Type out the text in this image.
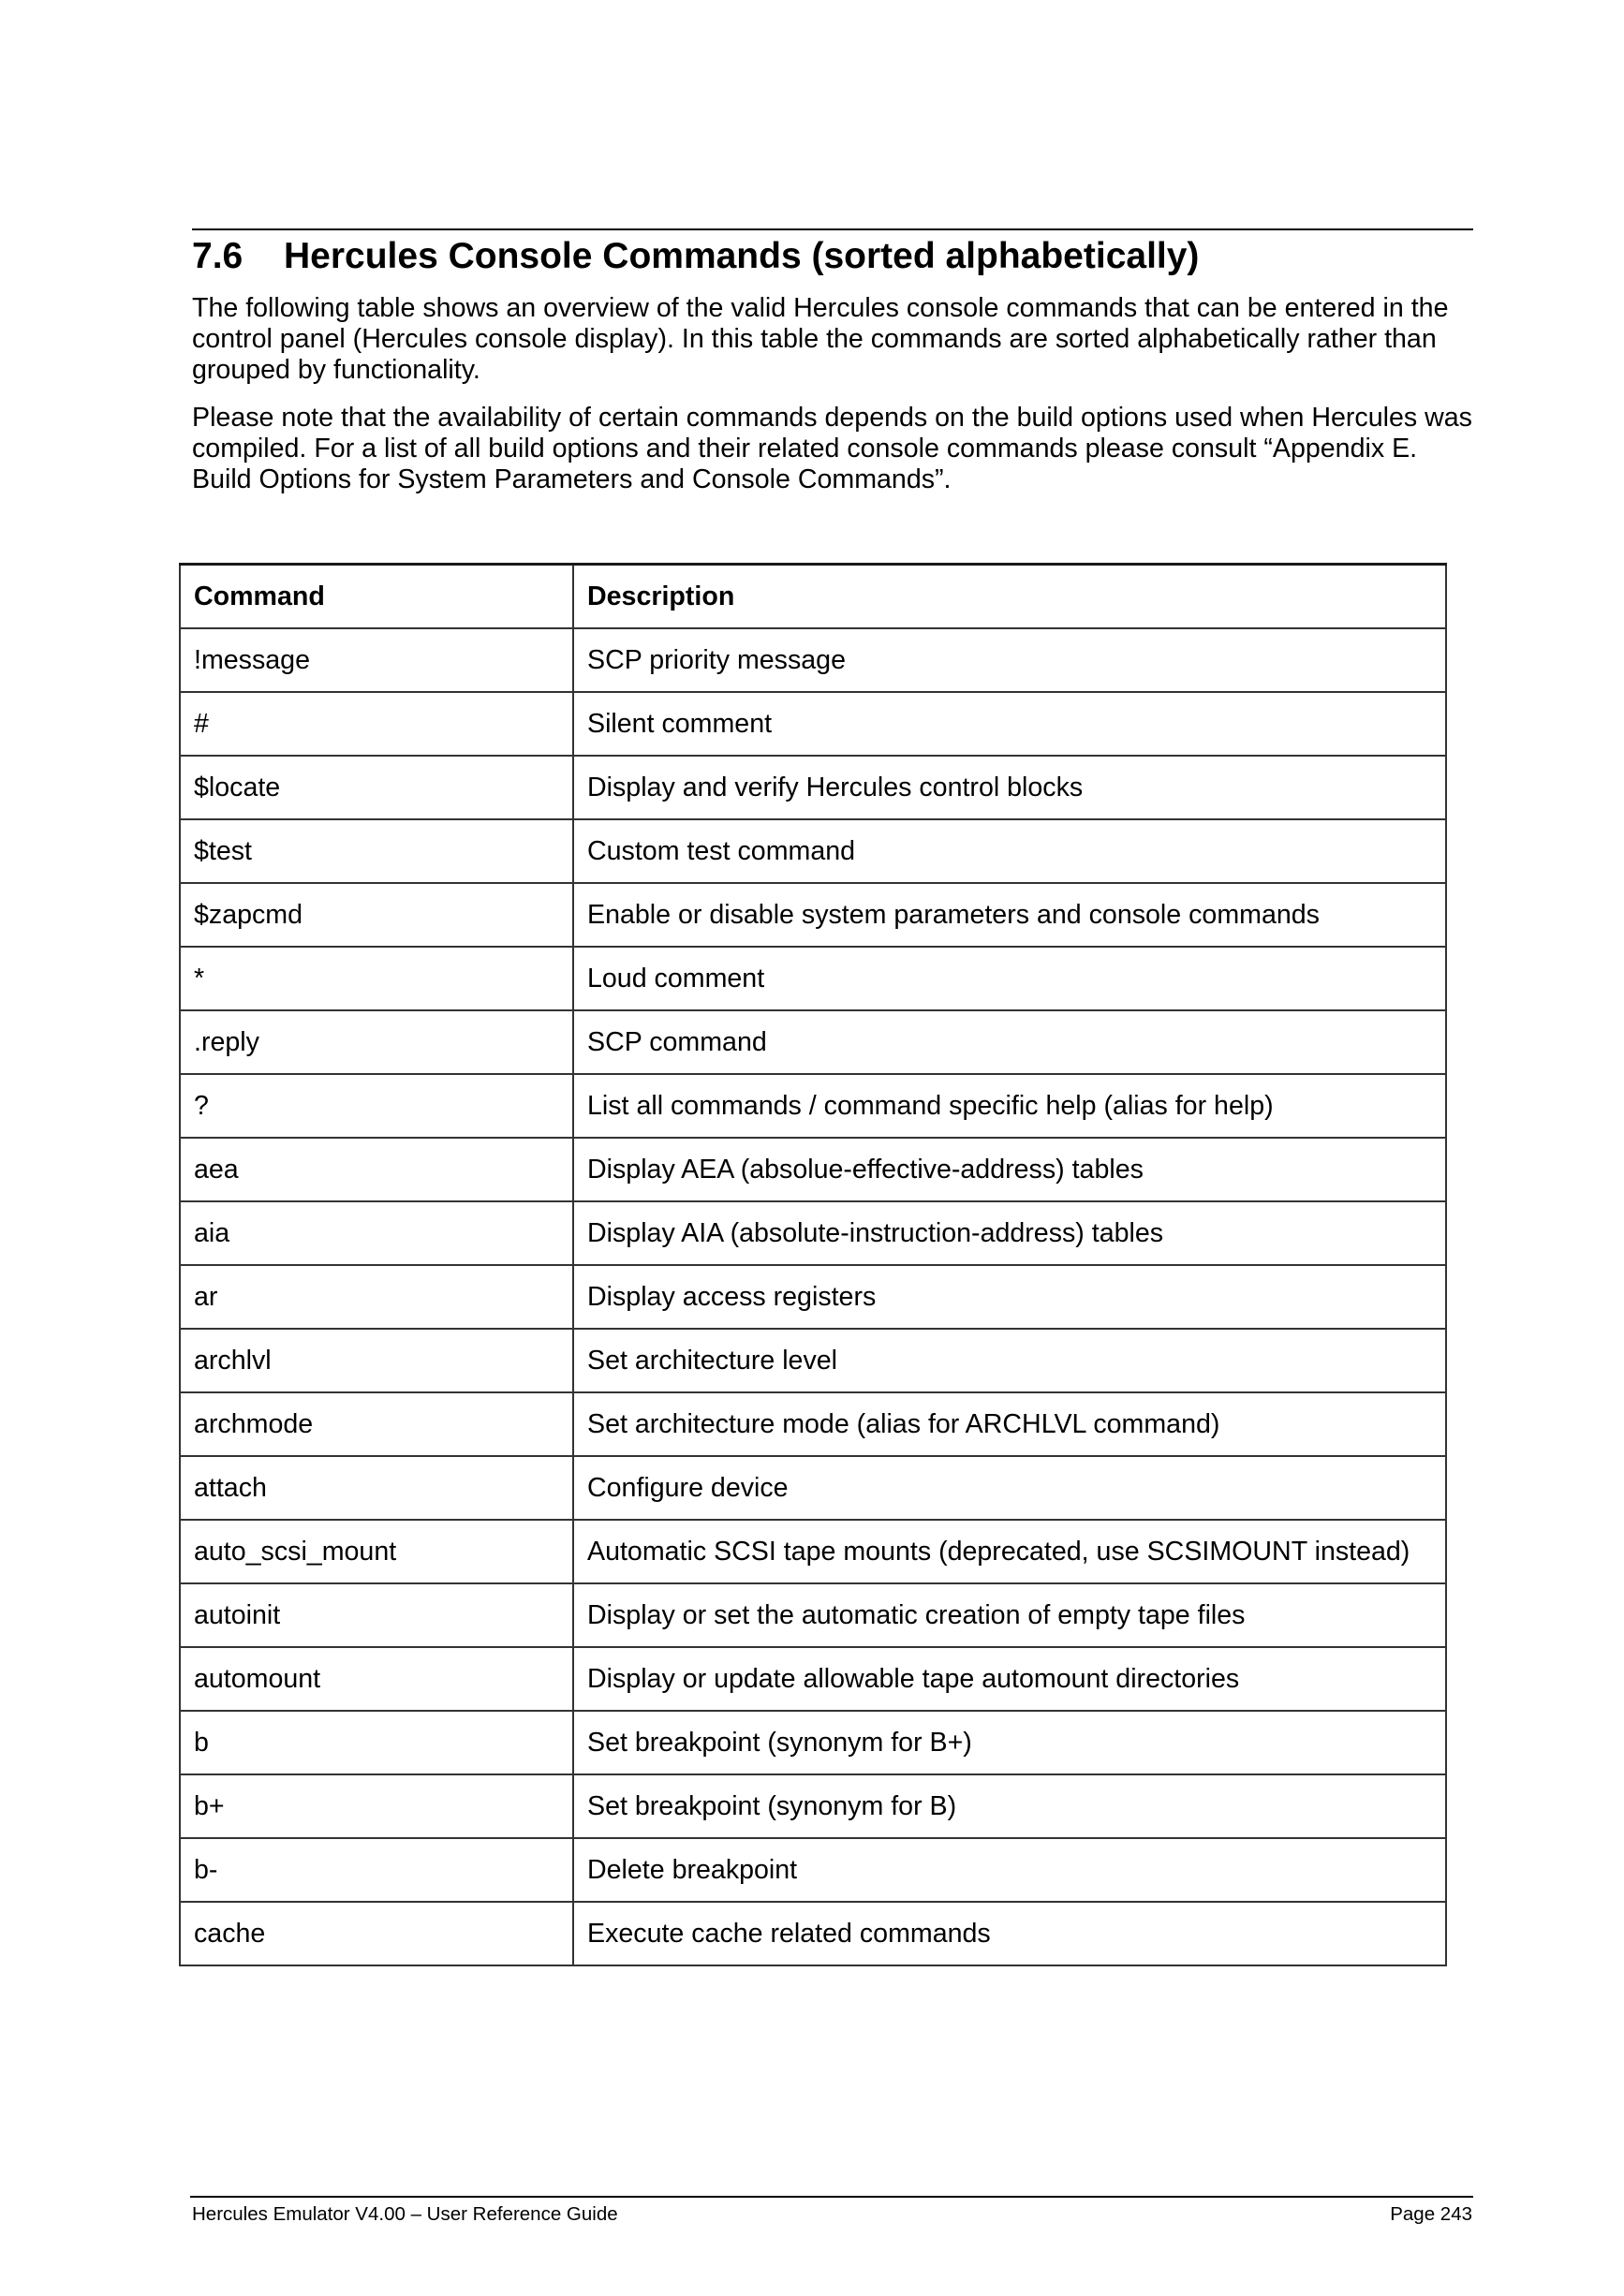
7.6 Hercules Console Commands (sorted alphabetically)

The following table shows an overview of the valid Hercules console commands that can be entered in the control panel (Hercules console display). In this table the commands are sorted alphabetically rather than grouped by functionality.

Please note that the availability of certain commands depends on the build options used when Hercules was compiled. For a list of all build options and their related console commands please consult “Appendix E. Build Options for System Parameters and Console Commands”.

Command	Description
!message	SCP priority message
#	Silent comment
$locate	Display and verify Hercules control blocks
$test	Custom test command
$zapcmd	Enable or disable system parameters and console commands
*	Loud comment
.reply	SCP command
?	List all commands / command specific help (alias for help)
aea	Display AEA (absolue-effective-address) tables
aia	Display AIA (absolute-instruction-address) tables
ar	Display access registers
archlvl	Set architecture level
archmode	Set architecture mode (alias for ARCHLVL command)
attach	Configure device
auto_scsi_mount	Automatic SCSI tape mounts (deprecated, use SCSIMOUNT instead)
autoinit	Display or set the automatic creation of empty tape files
automount	Display or update allowable tape automount directories
b	Set breakpoint (synonym for B+)
b+	Set breakpoint (synonym for B)
b-	Delete breakpoint
cache	Execute cache related commands
Hercules Emulator V4.00 – User Reference Guide	Page 243
